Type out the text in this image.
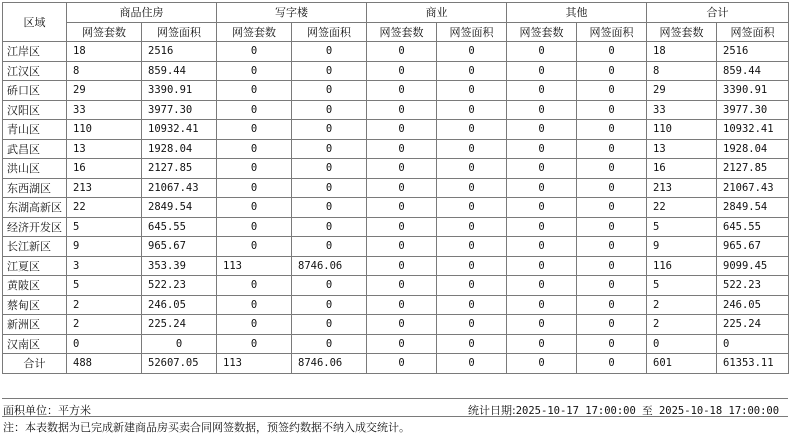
区域	商品住房		写字楼		商业		其他		合计	
	网签套数	网签面积	网签套数	网签面积	网签套数	网签面积	网签套数	网签面积	网签套数	网签面积
江岸区	18	2516	0	0	0	0	0	0	18	2516
江汉区	8	859.44	0	0	0	0	0	0	8	859.44
硚口区	29	3390.91	0	0	0	0	0	0	29	3390.91
汉阳区	33	3977.30	0	0	0	0	0	0	33	3977.30
青山区	110	10932.41	0	0	0	0	0	0	110	10932.41
武昌区	13	1928.04	0	0	0	0	0	0	13	1928.04
洪山区	16	2127.85	0	0	0	0	0	0	16	2127.85
东西湖区	213	21067.43	0	0	0	0	0	0	213	21067.43
东湖高新区	22	2849.54	0	0	0	0	0	0	22	2849.54
经济开发区	5	645.55	0	0	0	0	0	0	5	645.55
长江新区	9	965.67	0	0	0	0	0	0	9	965.67
江夏区	3	353.39	113	8746.06	0	0	0	0	116	9099.45
黄陂区	5	522.23	0	0	0	0	0	0	5	522.23
蔡甸区	2	246.05	0	0	0	0	0	0	2	246.05
新洲区	2	225.24	0	0	0	0	0	0	2	225.24
汉南区	0	0	0	0	0	0	0	0	0	0
合计	488	52607.05	113	8746.06	0	0	0	0	601	61353.11
面积单位：平方米	统计日期:2025-10-17 17:00:00 至 2025-10-18 17:00:00
注：本表数据为已完成新建商品房买卖合同网签数据，预签约数据不纳入成交统计。
